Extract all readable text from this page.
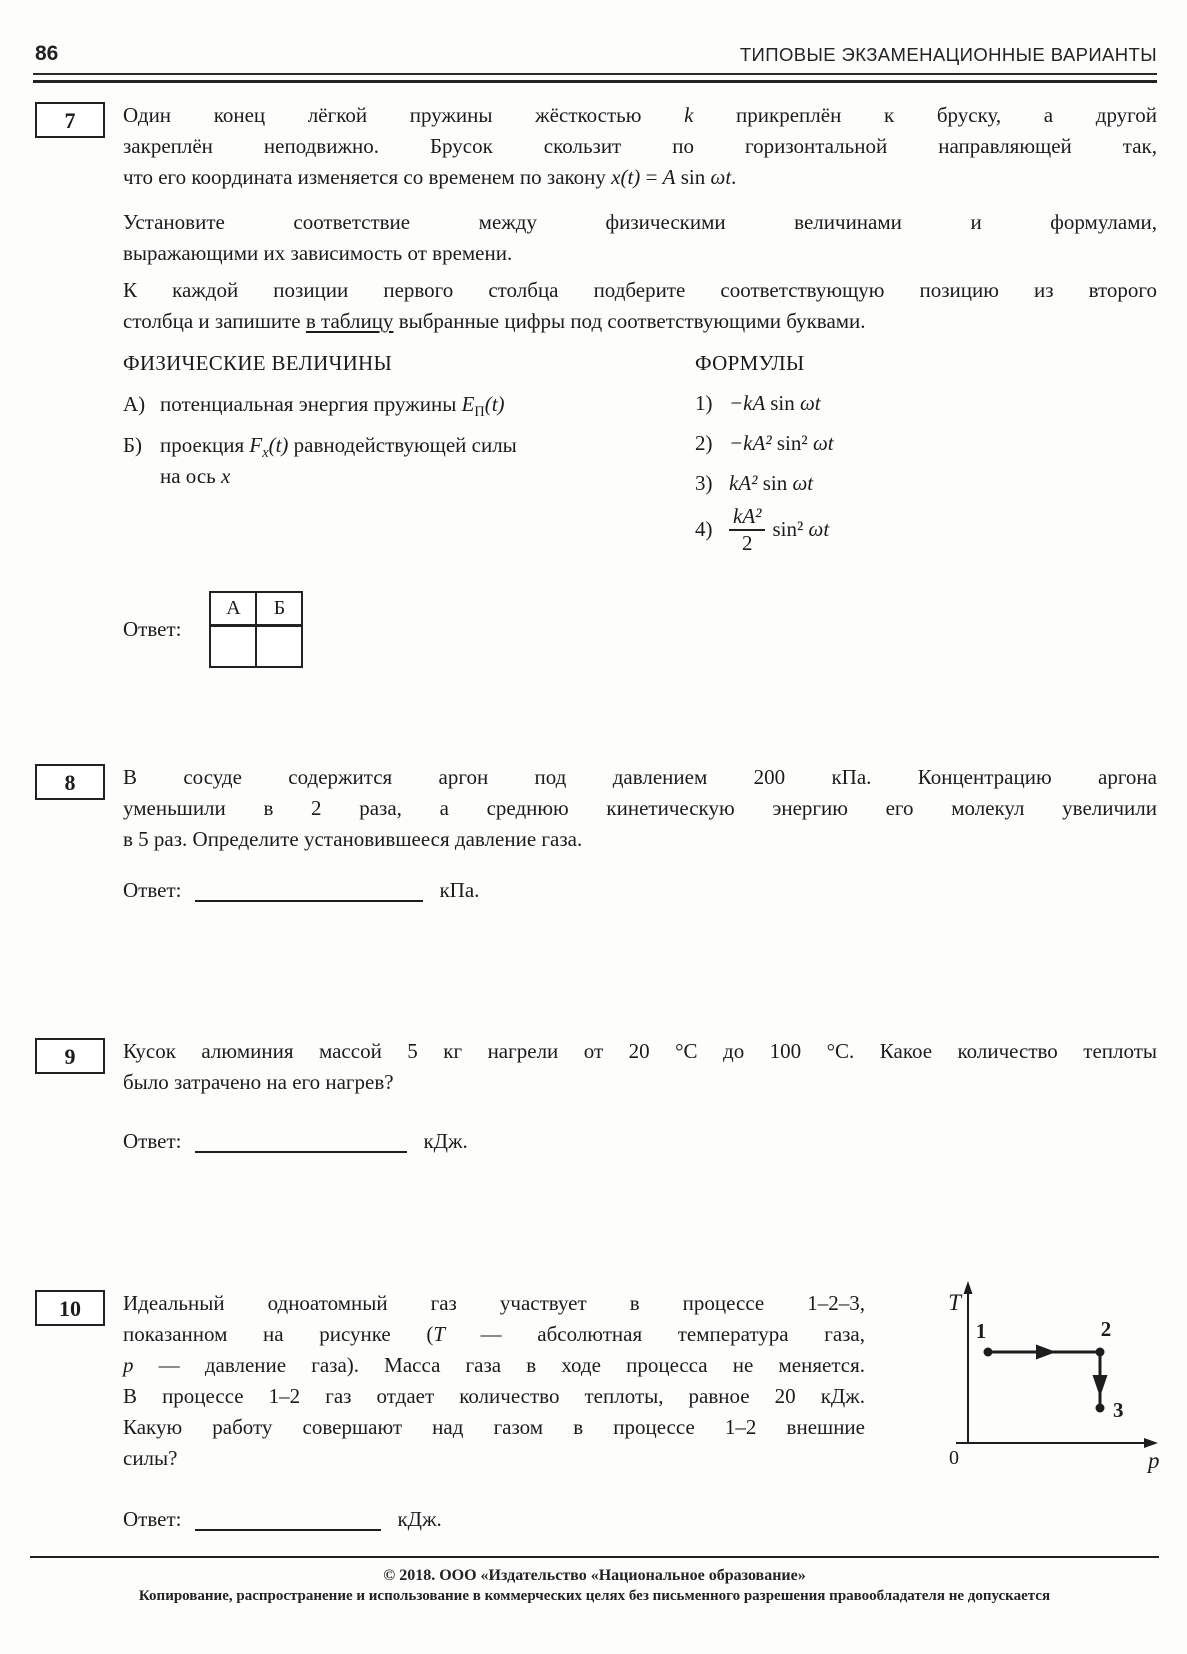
86	ТИПОВЫЕ ЭКЗАМЕНАЦИОННЫЕ ВАРИАНТЫ
7 Один конец лёгкой пружины жёсткостью k прикреплён к бруску, а другой
закреплён неподвижно. Брусок скользит по горизонтальной направляющей так,
что его координата изменяется со временем по закону x(t) = A sin ωt.
Установите соответствие между физическими величинами и формулами,
выражающими их зависимость от времени.
К каждой позиции первого столбца подберите соответствующую позицию из второго
столбца и запишите в таблицу выбранные цифры под соответствующими буквами.
ФИЗИЧЕСКИЕ ВЕЛИЧИНЫ
А) потенциальная энергия пружины $E_П(t)$
Б) проекция $F_x(t)$ равнодействующей силы
на ось x
ФОРМУЛЫ
1) −kA sin ωt
2) −kA² sin² ωt
3) kA² sin ωt
$4) \frac{\text{kA²}}{2} \sin^2$ ωt
Ответ:
А	Б

8 В сосуде содержится аргон под давлением 200 кПа. Концентрацию аргона
уменьшили в 2 раза, а среднюю кинетическую энергию его молекул увеличили
в 5 раз. Определите установившееся давление газа.
Ответ:	кПа.
9 Кусок алюминия массой 5 кг нагрели от 20 °С до 100 °С. Какое количество теплоты
было затрачено на его нагрев?
Ответ:	кДж.
10 Идеальный одноатомный газ участвует в процессе 1–2–3,
показанном на рисунке (T — абсолютная температура газа,
p — давление газа). Масса газа в ходе процесса не меняется.
В процессе 1–2 газ отдает количество теплоты, равное 20 кДж.
Какую работу совершают над газом в процессе 1–2 внешние
силы?
Ответ:	кДж.
1	2
3
T
0	p
© 2018. ООО «Издательство «Национальное образование»
Копирование, распространение и использование в коммерческих целях без письменного разрешения правообладателя не допускается
